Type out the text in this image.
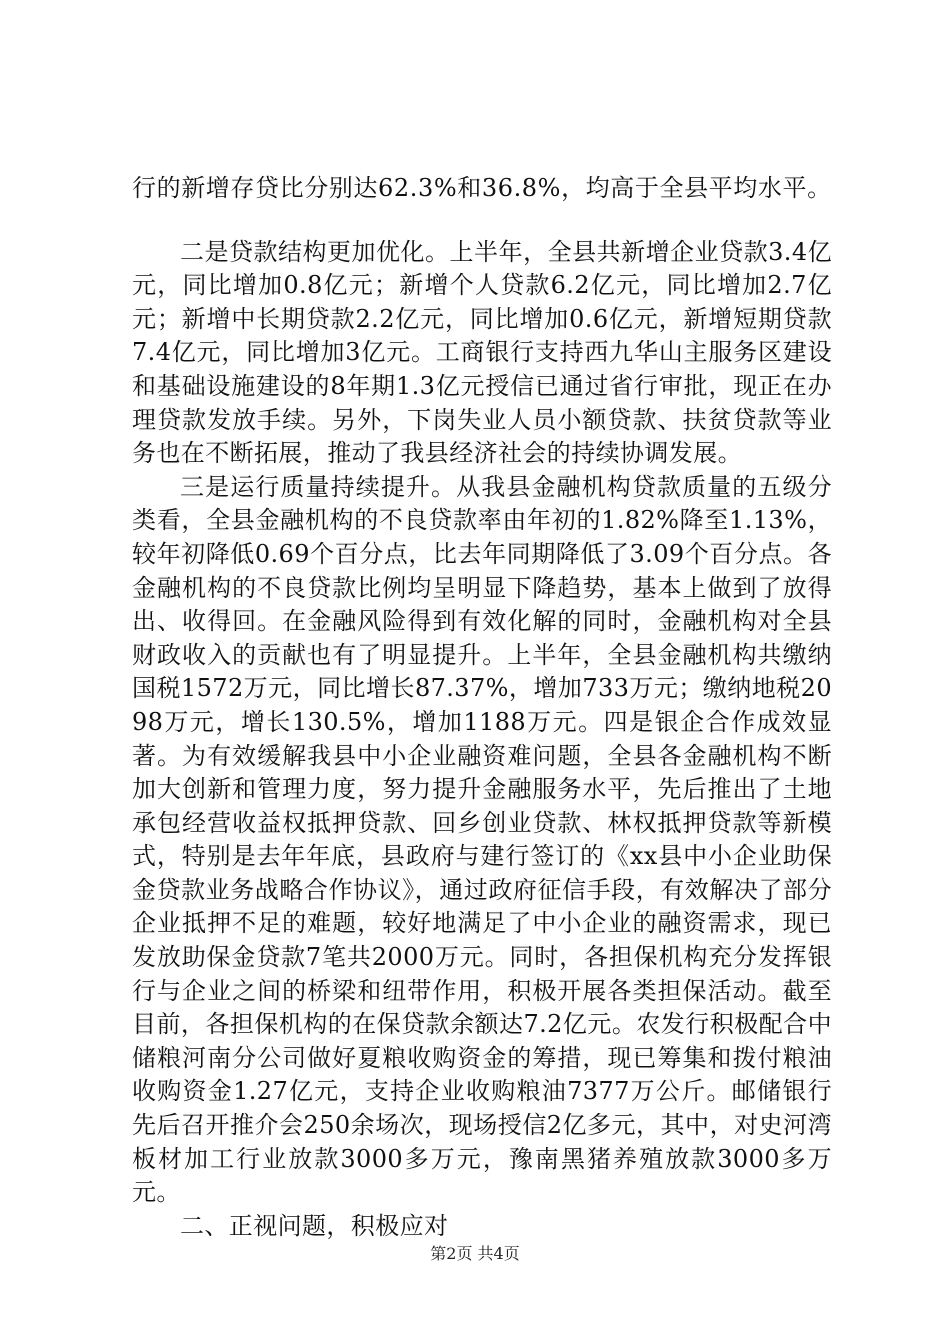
行的新增存贷比分别达62.3%和36.8%，均高于全县平均水平。

二是贷款结构更加优化。上半年，全县共新增企业贷款3.4亿元，同比增加0.8亿元；新增个人贷款6.2亿元，同比增加2.7亿元；新增中长期贷款2.2亿元，同比增加0.6亿元，新增短期贷款7.4亿元，同比增加3亿元。工商银行支持西九华山主服务区建设和基础设施建设的8年期1.3亿元授信已通过省行审批，现正在办理贷款发放手续。另外，下岗失业人员小额贷款、扶贫贷款等业务也在不断拓展，推动了我县经济社会的持续协调发展。

三是运行质量持续提升。从我县金融机构贷款质量的五级分类看，全县金融机构的不良贷款率由年初的1.82%降至1.13%，较年初降低0.69个百分点，比去年同期降低了3.09个百分点。各金融机构的不良贷款比例均呈明显下降趋势，基本上做到了放得出、收得回。在金融风险得到有效化解的同时，金融机构对全县财政收入的贡献也有了明显提升。上半年，全县金融机构共缴纳国税1572万元，同比增长87.37%，增加733万元；缴纳地税2098万元，增长130.5%，增加1188万元。四是银企合作成效显著。为有效缓解我县中小企业融资难问题，全县各金融机构不断加大创新和管理力度，努力提升金融服务水平，先后推出了土地承包经营收益权抵押贷款、回乡创业贷款、林权抵押贷款等新模式，特别是去年年底，县政府与建行签订的《xx县中小企业助保金贷款业务战略合作协议》，通过政府征信手段，有效解决了部分企业抵押不足的难题，较好地满足了中小企业的融资需求，现已发放助保金贷款7笔共2000万元。同时，各担保机构充分发挥银行与企业之间的桥梁和纽带作用，积极开展各类担保活动。截至目前，各担保机构的在保贷款余额达7.2亿元。农发行积极配合中储粮河南分公司做好夏粮收购资金的筹措，现已筹集和拨付粮油收购资金1.27亿元，支持企业收购粮油7377万公斤。邮储银行先后召开推介会250余场次，现场授信2亿多元，其中，对史河湾板材加工行业放款3000多万元，豫南黑猪养殖放款3000多万元。

二、正视问题，积极应对

第2页 共4页
